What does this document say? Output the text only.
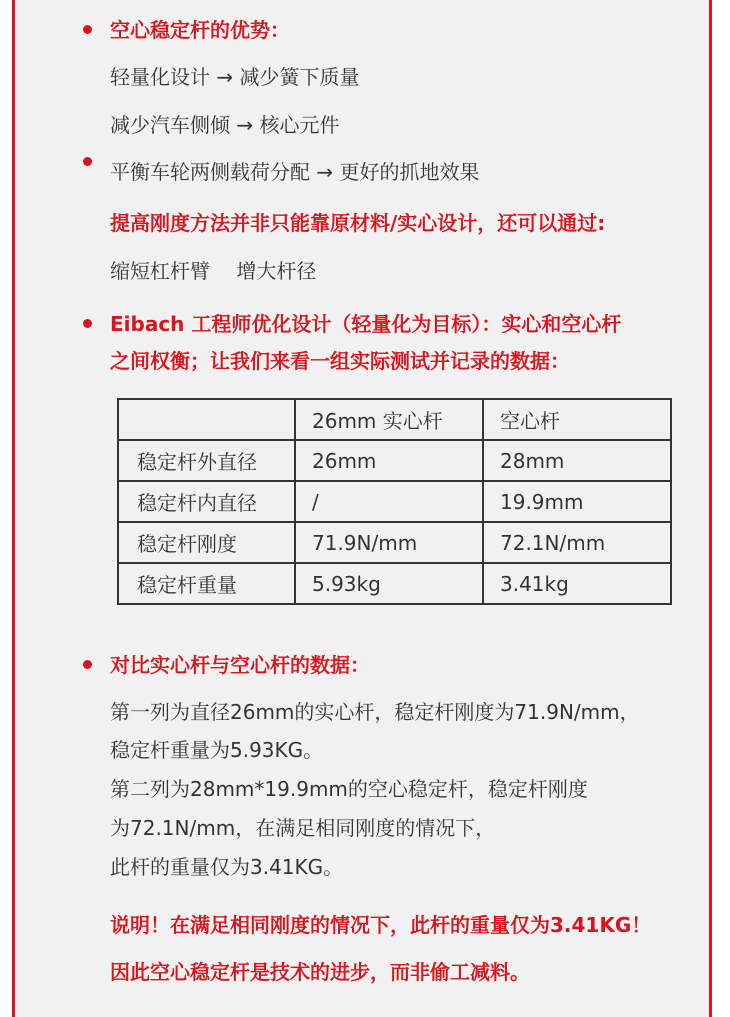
空心稳定杆的优势：
轻量化设计 → 减少簧下质量
减少汽车侧倾 → 核心元件
平衡车轮两侧载荷分配 → 更好的抓地效果
提高刚度方法并非只能靠原材料/实心设计，还可以通过:
缩短杠杆臂　 增大杆径
Eibach 工程师优化设计（轻量化为目标）：实心和空心杆
之间权衡；让我们来看一组实际测试并记录的数据：
	26mm 实心杆	空心杆
稳定杆外直径	26mm	28mm
稳定杆内直径	/	19.9mm
稳定杆刚度	71.9N/mm	72.1N/mm
稳定杆重量	5.93kg	3.41kg
对比实心杆与空心杆的数据：
第一列为直径26mm的实心杆，稳定杆刚度为71.9N/mm，
稳定杆重量为5.93KG。
第二列为28mm*19.9mm的空心稳定杆，稳定杆刚度
为72.1N/mm，在满足相同刚度的情况下，
此杆的重量仅为3.41KG。
说明！在满足相同刚度的情况下，此杆的重量仅为3.41KG！
因此空心稳定杆是技术的进步，而非偷工减料。
